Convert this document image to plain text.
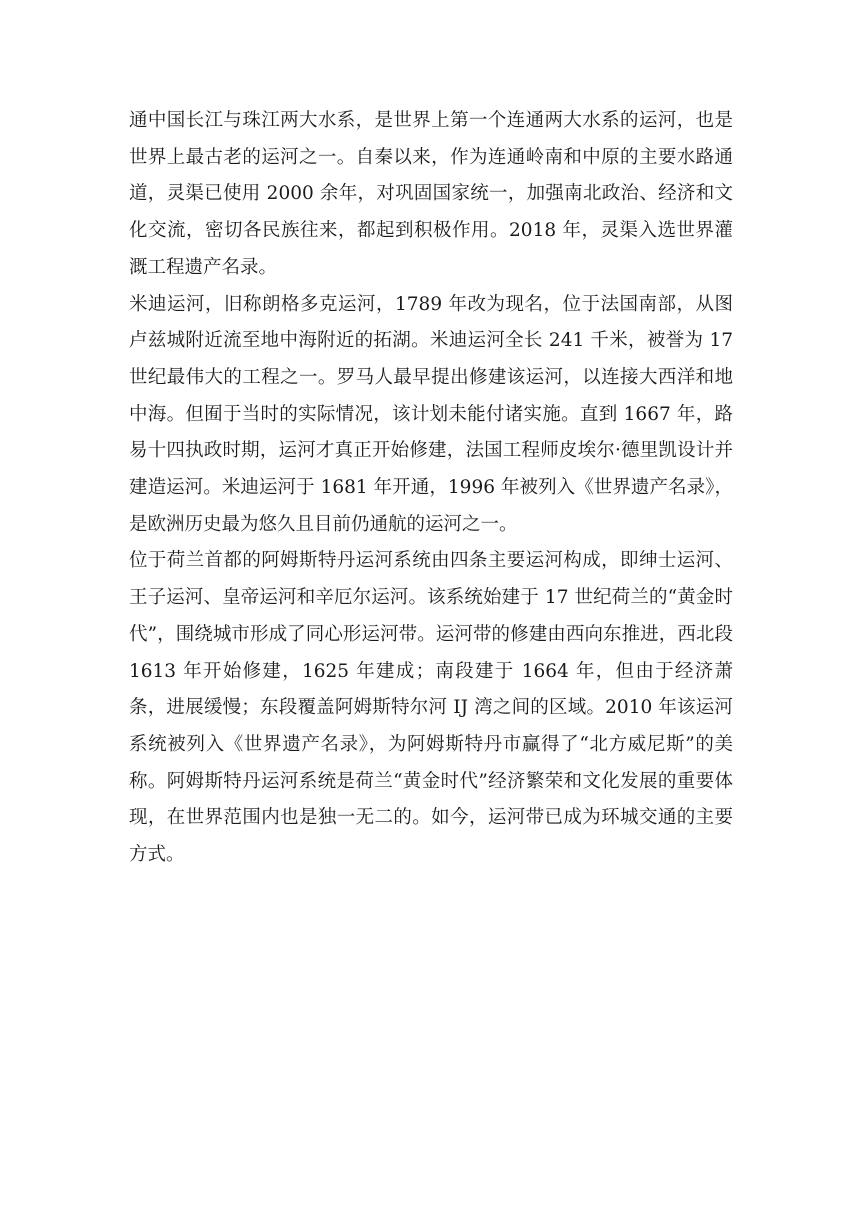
通中国长江与珠江两大水系，是世界上第一个连通两大水系的运河，也是世界上最古老的运河之一。自秦以来，作为连通岭南和中原的主要水路通道，灵渠已使用 2000 余年，对巩固国家统一，加强南北政治、经济和文化交流，密切各民族往来，都起到积极作用。2018 年，灵渠入选世界灌溉工程遗产名录。

米迪运河，旧称朗格多克运河，1789 年改为现名，位于法国南部，从图卢兹城附近流至地中海附近的拓湖。米迪运河全长 241 千米，被誉为 17 世纪最伟大的工程之一。罗马人最早提出修建该运河，以连接大西洋和地中海。但囿于当时的实际情况，该计划未能付诸实施。直到 1667 年，路易十四执政时期，运河才真正开始修建，法国工程师皮埃尔·德里凯设计并建造运河。米迪运河于 1681 年开通，1996 年被列入《世界遗产名录》，是欧洲历史最为悠久且目前仍通航的运河之一。

位于荷兰首都的阿姆斯特丹运河系统由四条主要运河构成，即绅士运河、王子运河、皇帝运河和辛厄尔运河。该系统始建于 17 世纪荷兰的“黄金时代”，围绕城市形成了同心形运河带。运河带的修建由西向东推进，西北段 1613 年开始修建，1625 年建成；南段建于 1664 年，但由于经济萧条，进展缓慢；东段覆盖阿姆斯特尔河 IJ 湾之间的区域。2010 年该运河系统被列入《世界遗产名录》，为阿姆斯特丹市赢得了“北方威尼斯”的美称。阿姆斯特丹运河系统是荷兰“黄金时代”经济繁荣和文化发展的重要体现，在世界范围内也是独一无二的。如今，运河带已成为环城交通的主要方式。
